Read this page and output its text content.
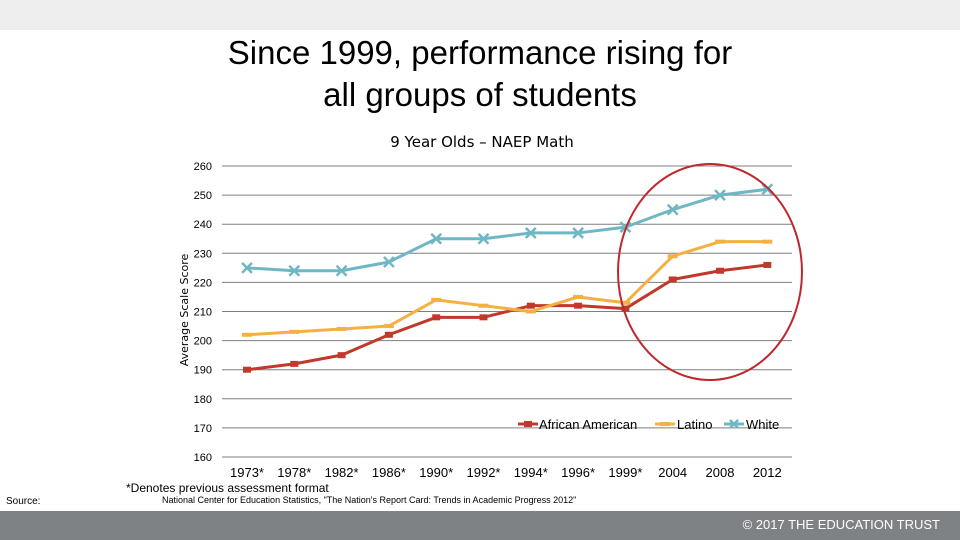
Since 1999, performance rising for
all groups of students
9 Year Olds – NAEP Math
Average Scale Score
260
250
240
230
220
210
200
190
180
170
160
1973* 1978* 1982* 1986* 1990* 1992* 1994* 1996* 1999* 2004 2008 2012
African American	Latino	White
*Denotes previous assessment format
Source:	National Center for Education Statistics, "The Nation's Report Card: Trends in Academic Progress 2012"
© 2017 THE EDUCATION TRUST
